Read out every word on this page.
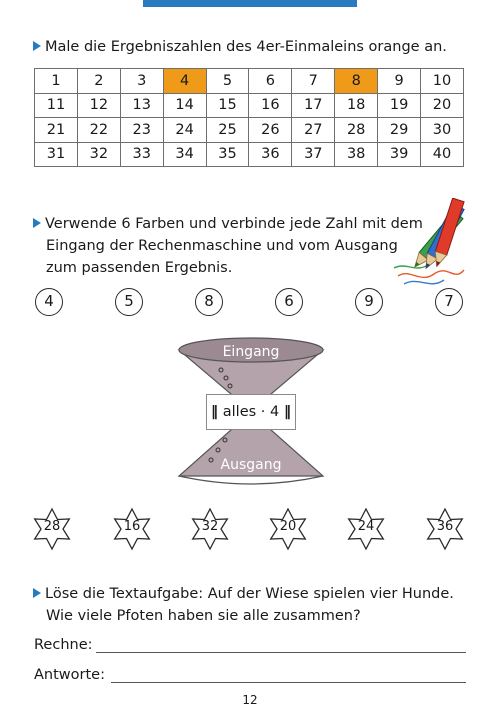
Male die Ergebniszahlen des 4er-Einmaleins orange an.
1	2	3	4	5	6	7	8	9	10
11	12	13	14	15	16	17	18	19	20
21	22	23	24	25	26	27	28	29	30
31	32	33	34	35	36	37	38	39	40
Verwende 6 Farben und verbinde jede Zahl mit dem
Eingang der Rechenmaschine und vom Ausgang
zum passenden Ergebnis.
4	5	8	6	9	7
Eingang
‖ alles · 4 ‖
Ausgang
28	16	32	20	24	36
Löse die Textaufgabe: Auf der Wiese spielen vier Hunde.
Wie viele Pfoten haben sie alle zusammen?
Rechne:
Antworte:
12
